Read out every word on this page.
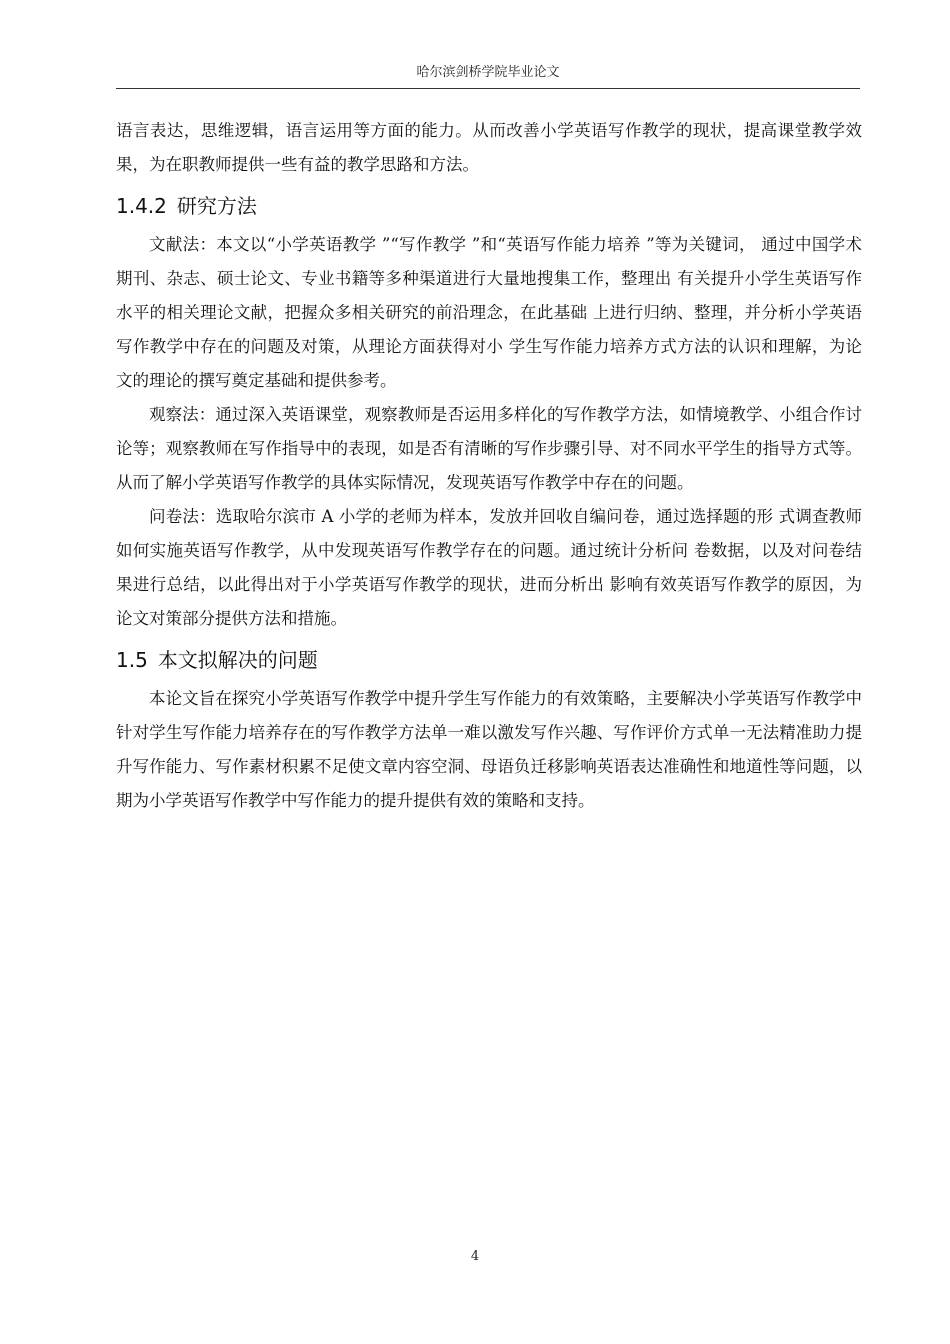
哈尔滨剑桥学院毕业论文

语言表达，思维逻辑，语言运用等方面的能力。从而改善小学英语写作教学的现状，提高课堂教学效果，为在职教师提供一些有益的教学思路和方法。

1.4.2 研究方法

文献法：本文以“小学英语教学 ”“写作教学 ”和“英语写作能力培养 ”等为关键词， 通过中国学术期刊、杂志、硕士论文、专业书籍等多种渠道进行大量地搜集工作，整理出 有关提升小学生英语写作水平的相关理论文献，把握众多相关研究的前沿理念，在此基础 上进行归纳、整理，并分析小学英语写作教学中存在的问题及对策，从理论方面获得对小 学生写作能力培养方式方法的认识和理解，为论文的理论的撰写奠定基础和提供参考。

观察法：通过深入英语课堂，观察教师是否运用多样化的写作教学方法，如情境教学、小组合作讨论等；观察教师在写作指导中的表现，如是否有清晰的写作步骤引导、对不同水平学生的指导方式等。从而了解小学英语写作教学的具体实际情况，发现英语写作教学中存在的问题。

问卷法：选取哈尔滨市 A 小学的老师为样本，发放并回收自编问卷，通过选择题的形 式调查教师如何实施英语写作教学，从中发现英语写作教学存在的问题。通过统计分析问 卷数据，以及对问卷结果进行总结，以此得出对于小学英语写作教学的现状，进而分析出 影响有效英语写作教学的原因，为论文对策部分提供方法和措施。

1.5 本文拟解决的问题

本论文旨在探究小学英语写作教学中提升学生写作能力的有效策略，主要解决小学英语写作教学中针对学生写作能力培养存在的写作教学方法单一难以激发写作兴趣、写作评价方式单一无法精准助力提升写作能力、写作素材积累不足使文章内容空洞、母语负迁移影响英语表达准确性和地道性等问题，以期为小学英语写作教学中写作能力的提升提供有效的策略和支持。

4
